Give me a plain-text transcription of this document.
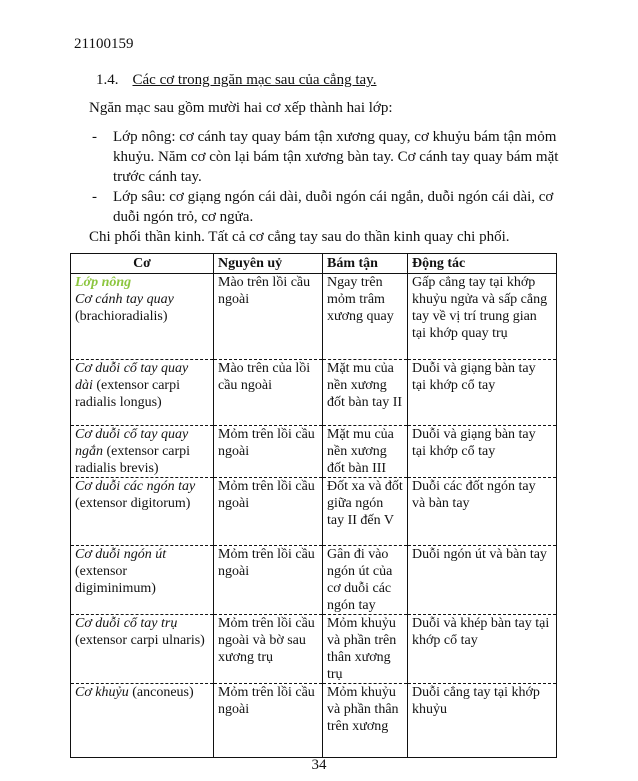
21100159
1.4. Các cơ trong ngăn mạc sau của cẳng tay.
Ngăn mạc sau gồm mười hai cơ xếp thành hai lớp:
-	Lớp nông: cơ cánh tay quay bám tận xương quay, cơ khuỷu bám tận mỏm khuỷu. Năm cơ còn lại bám tận xương bàn tay. Cơ cánh tay quay bám mặt trước cánh tay.
-	Lớp sâu: cơ giạng ngón cái dài, duỗi ngón cái ngắn, duỗi ngón cái dài, cơ duỗi ngón trỏ, cơ ngửa.
Chi phối thần kinh. Tất cả cơ cẳng tay sau do thần kinh quay chi phối.
Cơ	Nguyên uỷ	Bám tận	Động tác

Lớp nông
Cơ cánh tay quay (brachioradialis)	Mào trên lồi cầu ngoài	Ngay trên mỏm trâm xương quay	Gấp cẳng tay tại khớp khuỷu ngửa và sấp cẳng tay về vị trí trung gian tại khớp quay trụ
Cơ duỗi cổ tay quay dài (extensor carpi radialis longus)	Mào trên của lồi cầu ngoài	Mặt mu của nền xương đốt bàn tay II	Duỗi và giạng bàn tay tại khớp cổ tay
Cơ duỗi cổ tay quay ngắn (extensor carpi radialis brevis)	Mỏm trên lồi cầu ngoài	Mặt mu của nền xương đốt bàn III	Duỗi và giạng bàn tay tại khớp cổ tay
Cơ duỗi các ngón tay (extensor digitorum)	Mỏm trên lồi cầu ngoài	Đốt xa và đốt giữa ngón tay II đến V	Duỗi các đốt ngón tay và bàn tay
Cơ duỗi ngón út (extensor digiminimum)	Mỏm trên lồi cầu ngoài	Gân đi vào ngón út của cơ duỗi các ngón tay	Duỗi ngón út và bàn tay
Cơ duỗi cổ tay trụ (extensor carpi ulnaris)	Mỏm trên lồi cầu ngoài và bờ sau xương trụ	Mỏm khuỷu và phần trên thân xương trụ	Duỗi và khép bàn tay tại khớp cổ tay
Cơ khuỷu (anconeus)	Mỏm trên lồi cầu ngoài	Mỏm khuỷu và phần thân trên xương	Duỗi cẳng tay tại khớp khuỷu
34
